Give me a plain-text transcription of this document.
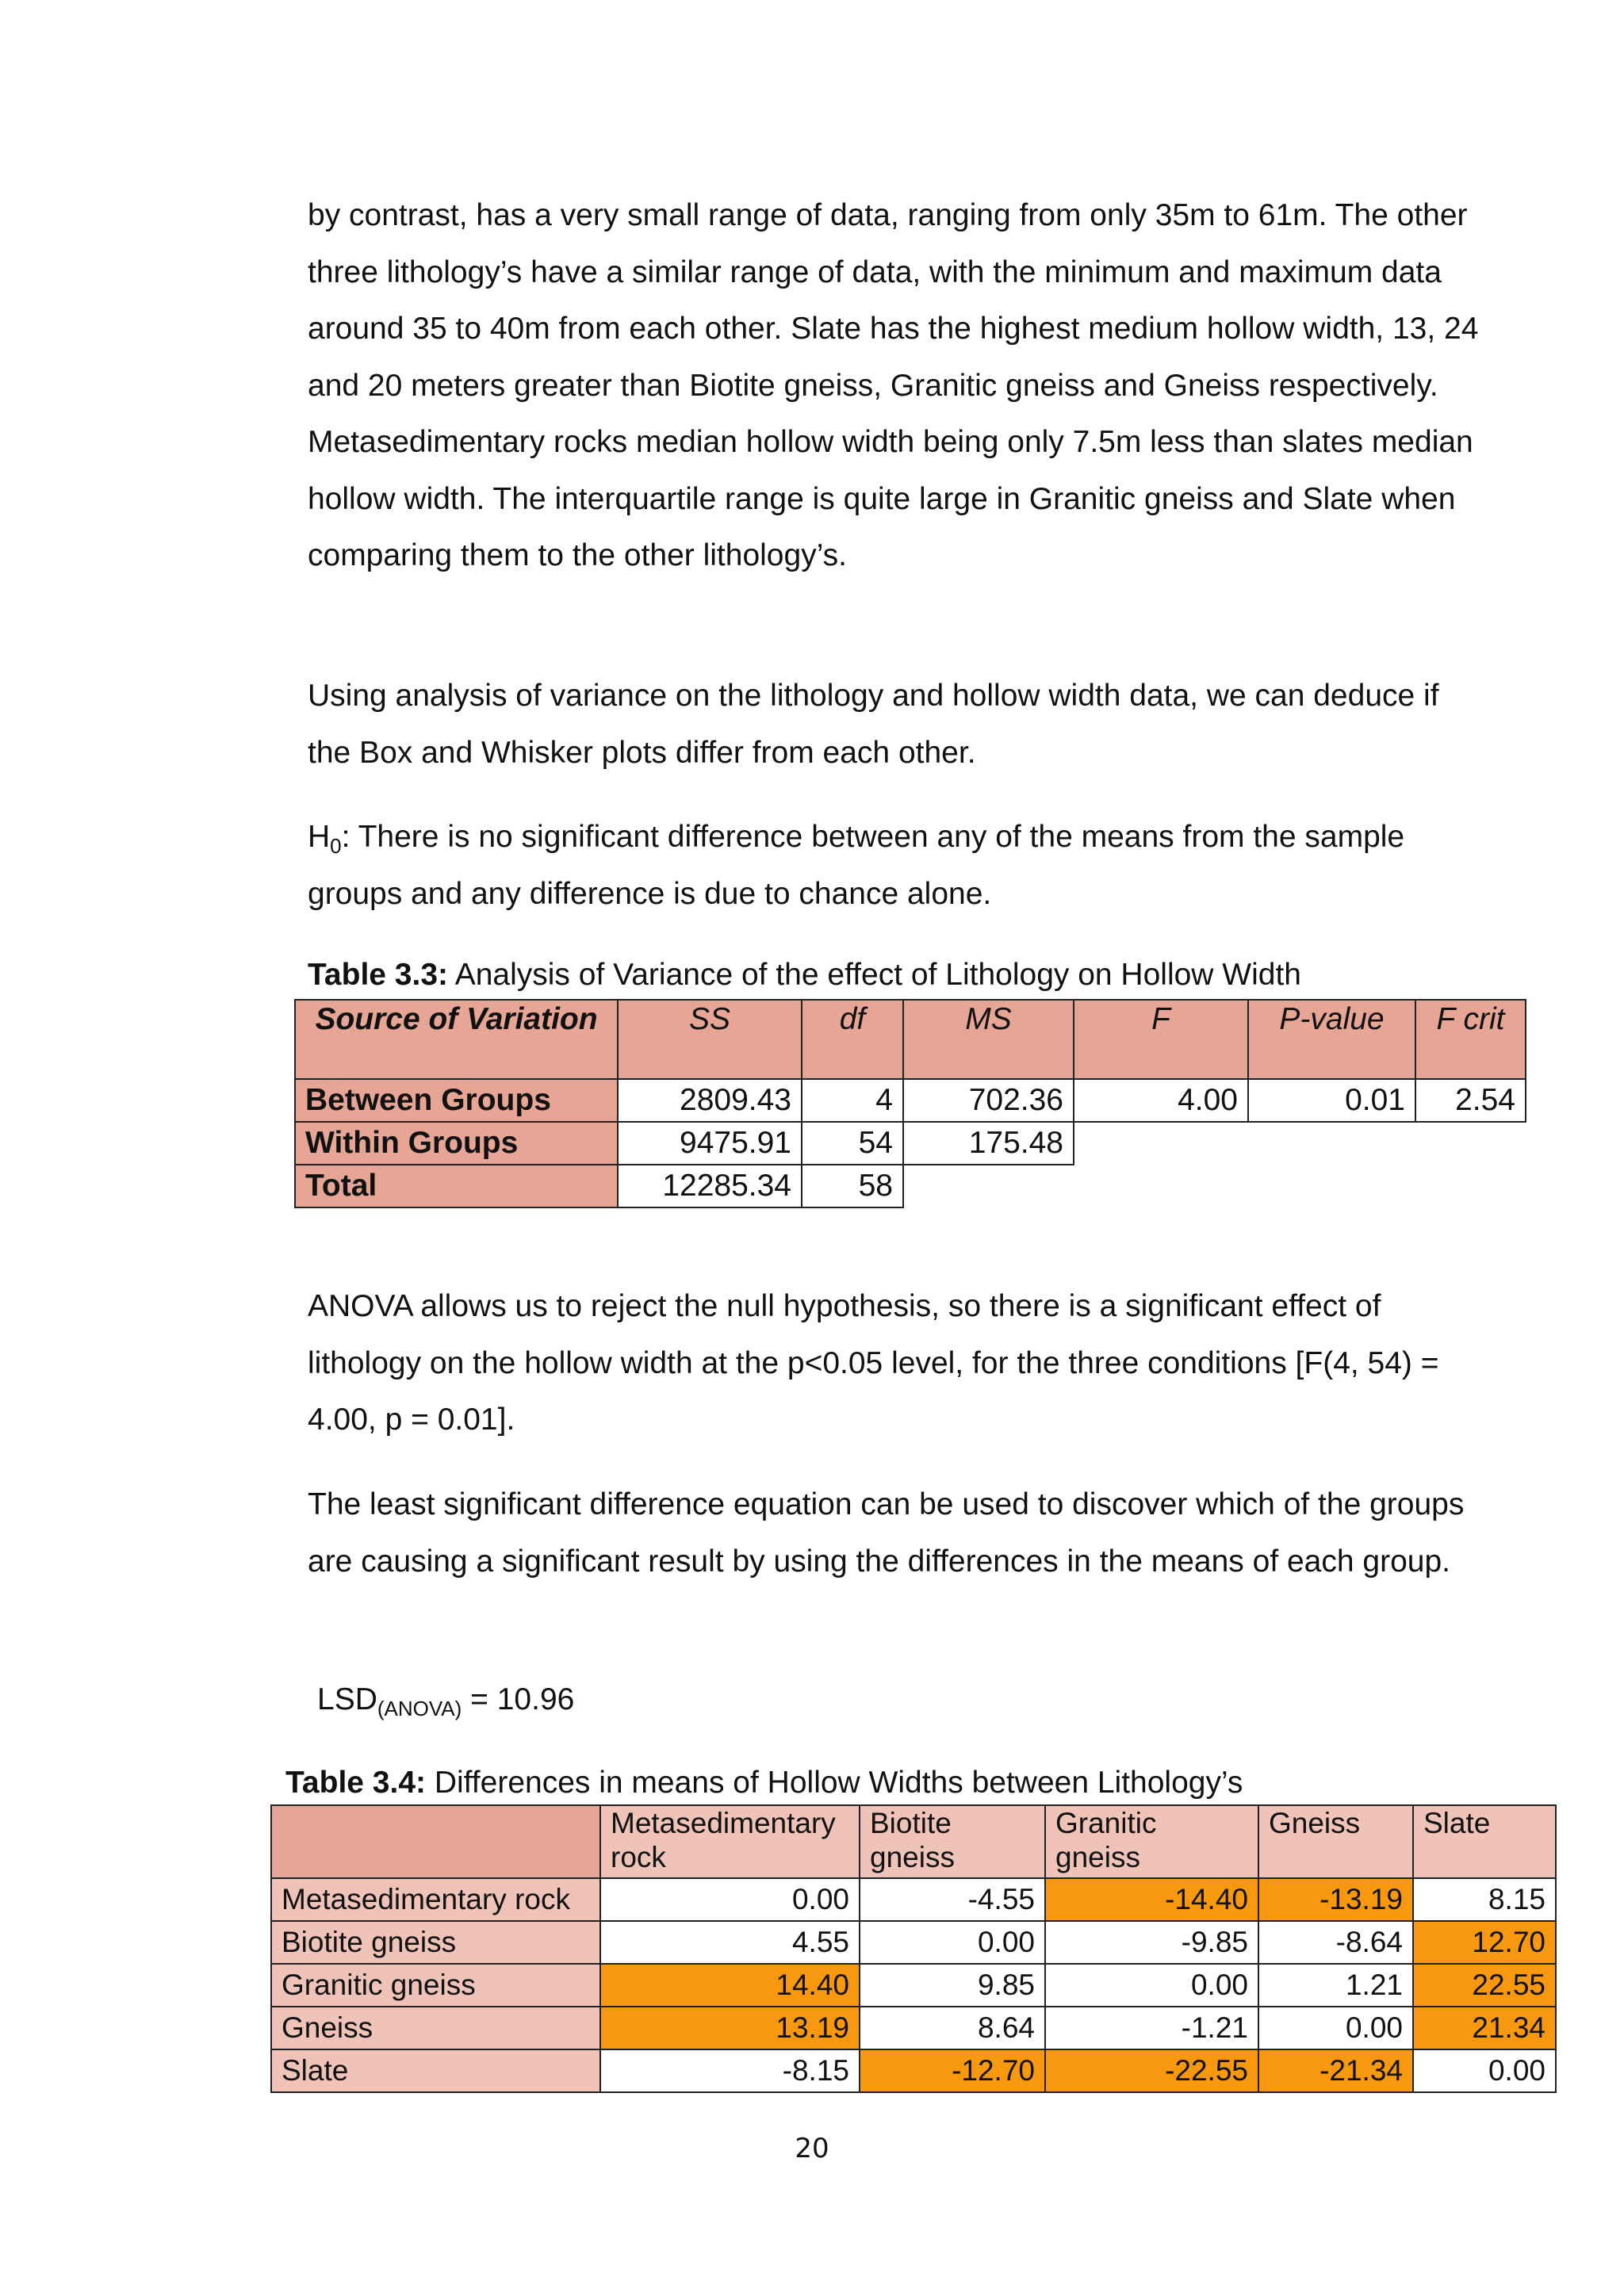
by contrast, has a very small range of data, ranging from only 35m to 61m. The other three lithology’s have a similar range of data, with the minimum and maximum data around 35 to 40m from each other. Slate has the highest medium hollow width, 13, 24 and 20 meters greater than Biotite gneiss, Granitic gneiss and Gneiss respectively. Metasedimentary rocks median hollow width being only 7.5m less than slates median hollow width. The interquartile range is quite large in Granitic gneiss and Slate when comparing them to the other lithology’s.

Using analysis of variance on the lithology and hollow width data, we can deduce if the Box and Whisker plots differ from each other.

$H_0$: There is no significant difference between any of the means from the sample groups and any difference is due to chance alone.

Table 3.3: Analysis of Variance of the effect of Lithology on Hollow Width

Source of Variation	SS	df	MS	F	P-value	F crit
Between Groups	2809.43	4	702.36	4.00	0.01	2.54
Within Groups	9475.91	54	175.48			
Total	12285.34	58				

ANOVA allows us to reject the null hypothesis, so there is a significant effect of lithology on the hollow width at the p<0.05 level, for the three conditions [F(4, 54) = 4.00, p = 0.01].

The least significant difference equation can be used to discover which of the groups are causing a significant result by using the differences in the means of each group.

$LSD_{(ANOVA)} = 10.96$

Table 3.4: Differences in means of Hollow Widths between Lithology’s

	Metasedimentary rock	Biotite gneiss	Granitic gneiss	Gneiss	Slate
Metasedimentary rock	0.00	-4.55	-14.40	-13.19	8.15
Biotite gneiss	4.55	0.00	-9.85	-8.64	12.70
Granitic gneiss	14.40	9.85	0.00	1.21	22.55
Gneiss	13.19	8.64	-1.21	0.00	21.34
Slate	-8.15	-12.70	-22.55	-21.34	0.00

20
